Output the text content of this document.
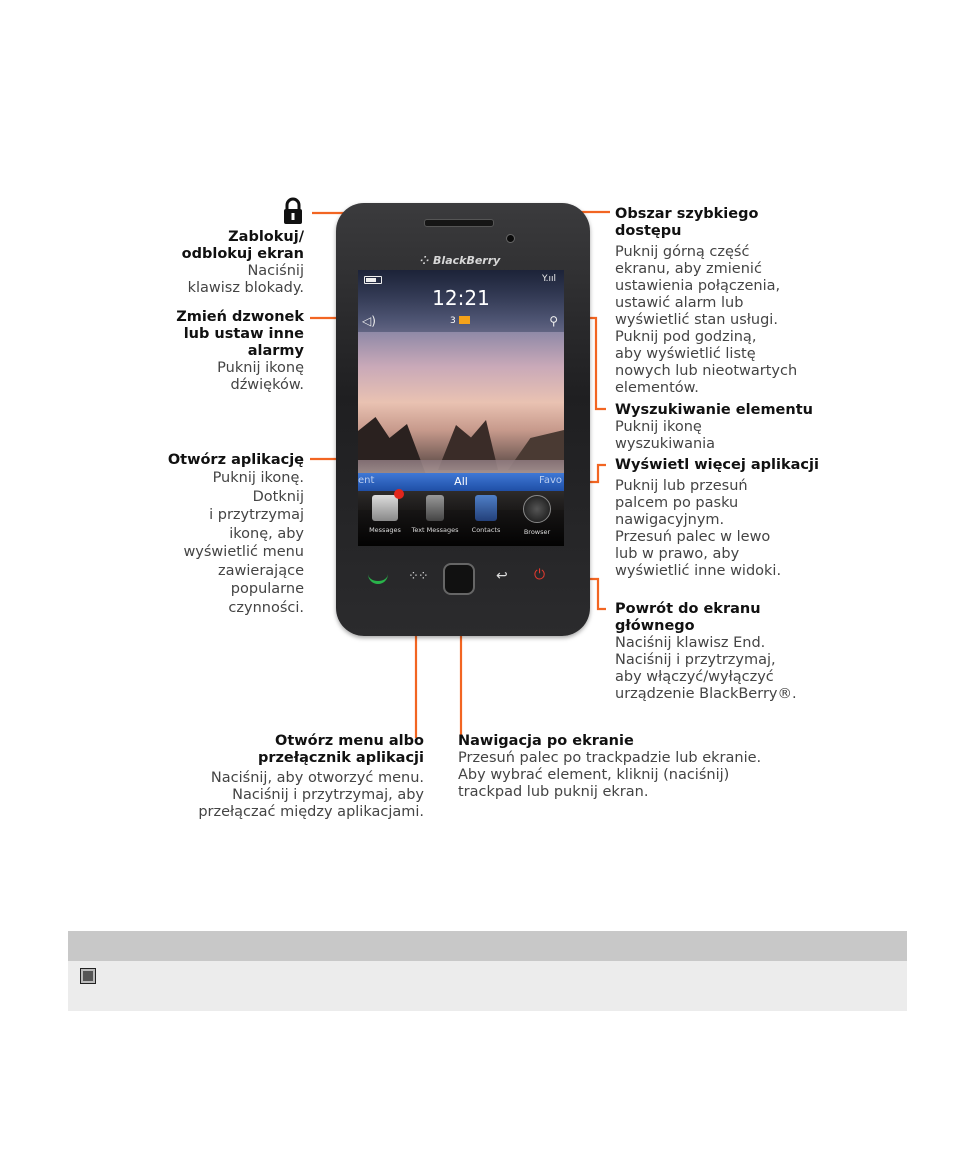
Zablokuj/
odblokuj ekran
Naciśnij
klawisz blokady.
Zmień dzwonek
lub ustaw inne
alarmy
Puknij ikonę
dźwięków.
Otwórz aplikację
Puknij ikonę.
Dotknij
i przytrzymaj
ikonę, aby
wyświetlić menu
zawierające
popularne
czynności.
Obszar szybkiego
dostępu
Puknij górną część
ekranu, aby zmienić
ustawienia połączenia,
ustawić alarm lub
wyświetlić stan usługi.
Puknij pod godziną,
aby wyświetlić listę
nowych lub nieotwartych
elementów.
Wyszukiwanie elementu
Puknij ikonę
wyszukiwania
Wyświetl więcej aplikacji
Puknij lub przesuń
palcem po pasku
nawigacyjnym.
Przesuń palec w lewo
lub w prawo, aby
wyświetlić inne widoki.
Powrót do ekranu
głównego
Naciśnij klawisz End.
Naciśnij i przytrzymaj,
aby włączyć/wyłączyć
urządzenie BlackBerry®.
Otwórz menu albo
przełącznik aplikacji
Naciśnij, aby otworzyć menu.
Naciśnij i przytrzymaj, aby
przełączać między aplikacjami.
Nawigacja po ekranie
Przesuń palec po trackpadzie lub ekranie.
Aby wybrać element, kliknij (naciśnij)
trackpad lub puknij ekran.
⁘ BlackBerry
Y.ııl
12:21
◁)	3	⚲
ent	All	Favo
Messages	Text Messages	Contacts	Browser
⁘⁘	↩ ⏻
